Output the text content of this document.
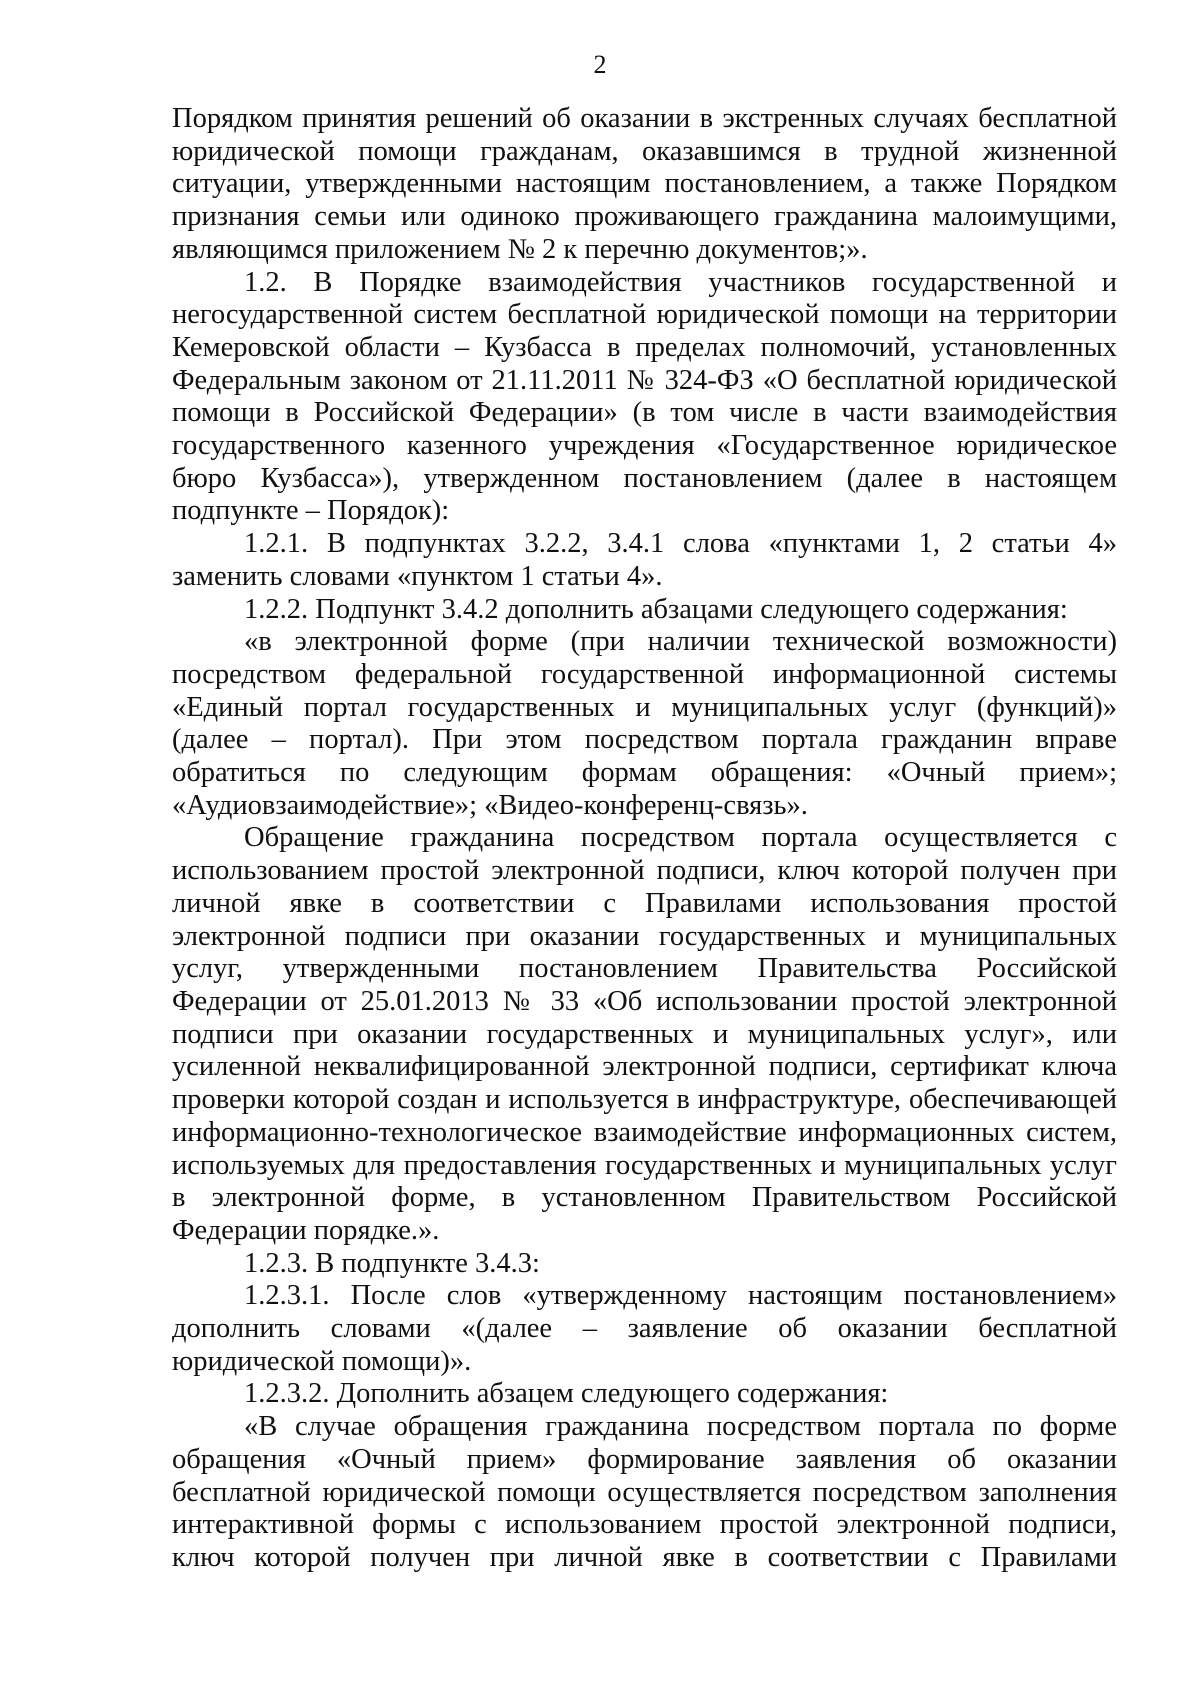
2

Порядком принятия решений об оказании в экстренных случаях бесплатной юридической помощи гражданам, оказавшимся в трудной жизненной ситуации, утвержденными настоящим постановлением, а также Порядком признания семьи или одиноко проживающего гражданина малоимущими, являющимся приложением № 2 к перечню документов;».

1.2. В Порядке взаимодействия участников государственной и негосударственной систем бесплатной юридической помощи на территории Кемеровской области – Кузбасса в пределах полномочий, установленных Федеральным законом от 21.11.2011 № 324-ФЗ «О бесплатной юридической помощи в Российской Федерации» (в том числе в части взаимодействия государственного казенного учреждения «Государственное юридическое бюро Кузбасса»), утвержденном постановлением (далее в настоящем подпункте – Порядок):

1.2.1. В подпунктах 3.2.2, 3.4.1 слова «пунктами 1, 2 статьи 4» заменить словами «пунктом 1 статьи 4».

1.2.2. Подпункт 3.4.2 дополнить абзацами следующего содержания:

«в электронной форме (при наличии технической возможности) посредством федеральной государственной информационной системы «Единый портал государственных и муниципальных услуг (функций)» (далее – портал). При этом посредством портала гражданин вправе обратиться по следующим формам обращения: «Очный прием»; «Аудиовзаимодействие»; «Видео-конференц-связь».

Обращение гражданина посредством портала осуществляется с использованием простой электронной подписи, ключ которой получен при личной явке в соответствии с Правилами использования простой электронной подписи при оказании государственных и муниципальных услуг, утвержденными постановлением Правительства Российской Федерации от 25.01.2013 № 33 «Об использовании простой электронной подписи при оказании государственных и муниципальных услуг», или усиленной неквалифицированной электронной подписи, сертификат ключа проверки которой создан и используется в инфраструктуре, обеспечивающей информационно-технологическое взаимодействие информационных систем, используемых для предоставления государственных и муниципальных услуг в электронной форме, в установленном Правительством Российской Федерации порядке.».

1.2.3. В подпункте 3.4.3:

1.2.3.1. После слов «утвержденному настоящим постановлением» дополнить словами «(далее – заявление об оказании бесплатной юридической помощи)».

1.2.3.2. Дополнить абзацем следующего содержания:

«В случае обращения гражданина посредством портала по форме обращения «Очный прием» формирование заявления об оказании бесплатной юридической помощи осуществляется посредством заполнения интерактивной формы с использованием простой электронной подписи, ключ которой получен при личной явке в соответствии с Правилами
